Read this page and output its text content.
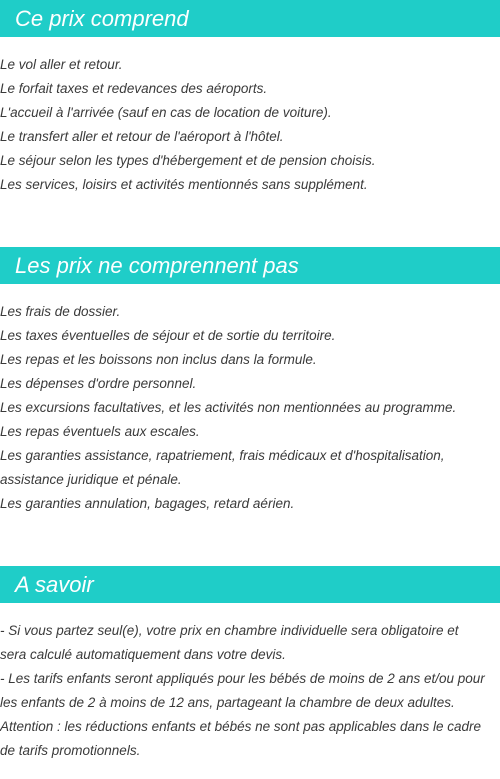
Ce prix comprend
Le vol aller et retour.
Le forfait taxes et redevances des aéroports.
L'accueil à l'arrivée (sauf en cas de location de voiture).
Le transfert aller et retour de l'aéroport à l'hôtel.
Le séjour selon les types d'hébergement et de pension choisis.
Les services, loisirs et activités mentionnés sans supplément.
Les prix ne comprennent pas
Les frais de dossier.
Les taxes éventuelles de séjour et de sortie du territoire.
Les repas et les boissons non inclus dans la formule.
Les dépenses d'ordre personnel.
Les excursions facultatives, et les activités non mentionnées au programme.
Les repas éventuels aux escales.
Les garanties assistance, rapatriement, frais médicaux et d'hospitalisation,
assistance juridique et pénale.
Les garanties annulation, bagages, retard aérien.
A savoir
- Si vous partez seul(e), votre prix en chambre individuelle sera obligatoire et
sera calculé automatiquement dans votre devis.
- Les tarifs enfants seront appliqués pour les bébés de moins de 2 ans et/ou pour
les enfants de 2 à moins de 12 ans, partageant la chambre de deux adultes.
Attention : les réductions enfants et bébés ne sont pas applicables dans le cadre
de tarifs promotionnels.
